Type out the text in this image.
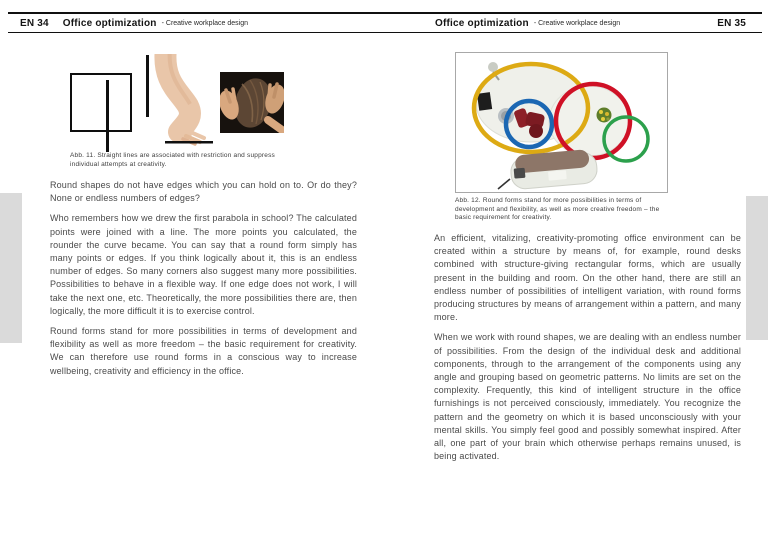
EN 34 Office optimization - Creative workplace design	Office optimization - Creative workplace design	EN 35
Abb. 11. Straight lines are associated with restriction and suppress individual attempts at creativity.

Round shapes do not have edges which you can hold on to. Or do they? None or endless numbers of edges?

Who remembers how we drew the first parabola in school? The calculated points were joined with a line. The more points you calculated, the rounder the curve became. You can say that a round form simply has many points or edges. If you think logically about it, this is an endless number of edges. So many corners also suggest many more possibilities. Possibilities to behave in a flexible way. If one edge does not work, I will take the next one, etc. Theoretically, the more possibilities there are, then logically, the more difficult it is to exercise control.

Round forms stand for more possibilities in terms of development and flexibility as well as more freedom – the basic requirement for creativity. We can therefore use round forms in a conscious way to increase wellbeing, creativity and efficiency in the office.

Abb. 12. Round forms stand for more possibilities in terms of development and flexibility, as well as more creative freedom – the basic requirement for creativity.

An efficient, vitalizing, creativity-promoting office environment can be created within a structure by means of, for example, round desks combined with structure-giving rectangular forms, which are usually present in the building and room. On the other hand, there are still an endless number of possibilities of intelligent variation, with round forms producing structures by means of arrangement within a pattern, and many more.

When we work with round shapes, we are dealing with an endless number of possibilities. From the design of the individual desk and additional components, through to the arrangement of the components using any angle and grouping based on geometric patterns. No limits are set on the complexity. Frequently, this kind of intelligent structure in the office furnishings is not perceived consciously, immediately. You recognize the pattern and the geometry on which it is based unconsciously with your mental skills. You simply feel good and possibly somewhat inspired. After all, one part of your brain which otherwise perhaps remains unused, is being activated.
